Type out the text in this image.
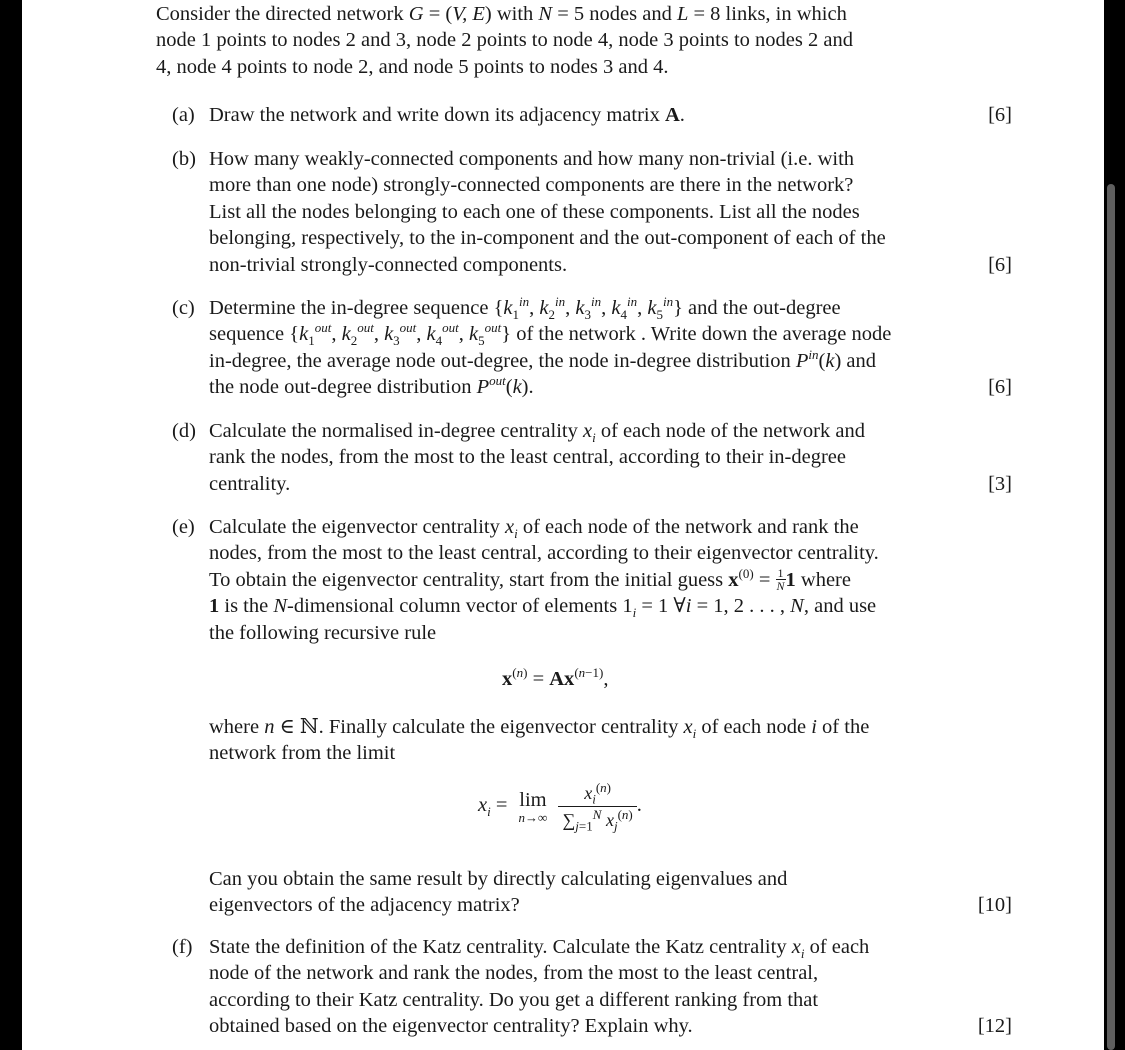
Consider the directed network G = (V, E) with N = 5 nodes and L = 8 links, in which
node 1 points to nodes 2 and 3, node 2 points to node 4, node 3 points to nodes 2 and
4, node 4 points to node 2, and node 5 points to nodes 3 and 4.
(a) Draw the network and write down its adjacency matrix A.	[6]
(b) How many weakly-connected components and how many non-trivial (i.e. with
more than one node) strongly-connected components are there in the network?
List all the nodes belonging to each one of these components. List all the nodes
belonging, respectively, to the in-component and the out-component of each of the
non-trivial strongly-connected components.	[6]
(c) Determine the in-degree sequence {$k_1^{in}$, $k_2^{in}$, $k_3^{in}$, $k_4^{in}$, $k_5^{in}$} and the out-degree
sequence {$k_1^{out}$, $k_2^{out}$, $k_3^{out}$, $k_4^{out}$, $k_5^{out}$} of the network . Write down the average node
in-degree, the average node out-degree, the node in-degree distribution $P^{in}(k)$ and
the node out-degree distribution $P^{out}(k)$.	[6]
(d) Calculate the normalised in-degree centrality $x_i$ of each node of the network and
rank the nodes, from the most to the least central, according to their in-degree
centrality.	[3]
(e) Calculate the eigenvector centrality $x_i$ of each node of the network and rank the
nodes, from the most to the least central, according to their eigenvector centrality.
To obtain the eigenvector centrality, start from the initial guess $x^{(0)} = \frac{1}{N} 1$ where
1 is the N-dimensional column vector of elements $1_i = 1$ ∀i = 1, 2 . . . , N, and use
the following recursive rule
$x^{(n)} = Ax^{(n-1)}$,
where n ∈ ℕ. Finally calculate the eigenvector centrality $x_i$ of each node i of the
network from the limit
$x_i = \lim$
n→∞
$\frac{x_i^{(n)}}{\sum_{j=1}^N x_j^{(n)}}$ .
Can you obtain the same result by directly calculating eigenvalues and
eigenvectors of the adjacency matrix?	[10]
(f) State the definition of the Katz centrality. Calculate the Katz centrality $x_i$ of each
node of the network and rank the nodes, from the most to the least central,
according to their Katz centrality. Do you get a different ranking from that
obtained based on the eigenvector centrality? Explain why.	[12]
